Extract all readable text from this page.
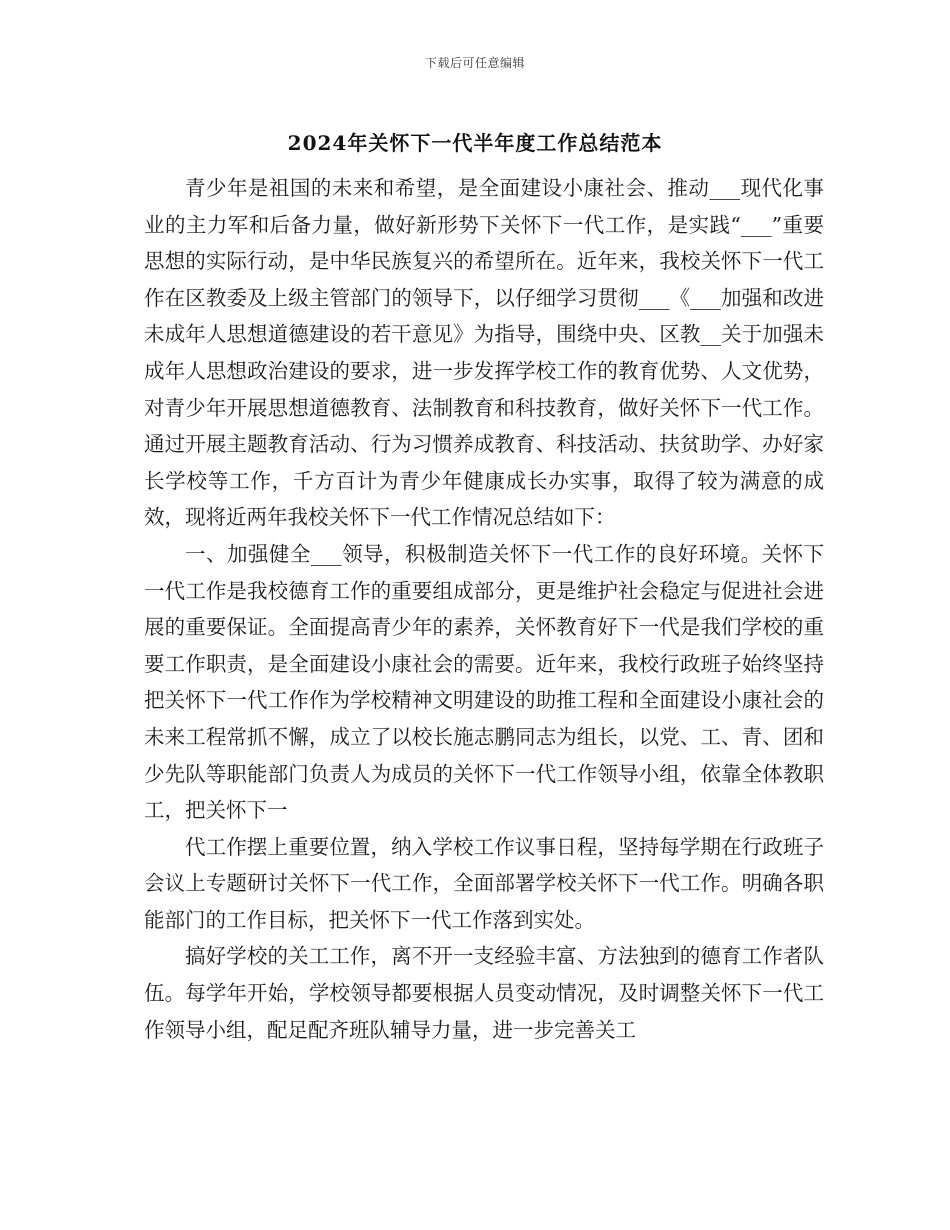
下载后可任意编辑
2024年关怀下一代半年度工作总结范本

青少年是祖国的未来和希望，是全面建设小康社会、推动___现代化事业的主力军和后备力量，做好新形势下关怀下一代工作，是实践“___”重要思想的实际行动，是中华民族复兴的希望所在。近年来，我校关怀下一代工作在区教委及上级主管部门的领导下，以仔细学习贯彻___《___加强和改进未成年人思想道德建设的若干意见》为指导，围绕中央、区教__关于加强未成年人思想政治建设的要求，进一步发挥学校工作的教育优势、人文优势，对青少年开展思想道德教育、法制教育和科技教育，做好关怀下一代工作。通过开展主题教育活动、行为习惯养成教育、科技活动、扶贫助学、办好家长学校等工作，千方百计为青少年健康成长办实事，取得了较为满意的成效，现将近两年我校关怀下一代工作情况总结如下：

一、加强健全___领导，积极制造关怀下一代工作的良好环境。关怀下一代工作是我校德育工作的重要组成部分，更是维护社会稳定与促进社会进展的重要保证。全面提高青少年的素养，关怀教育好下一代是我们学校的重要工作职责，是全面建设小康社会的需要。近年来，我校行政班子始终坚持把关怀下一代工作作为学校精神文明建设的助推工程和全面建设小康社会的未来工程常抓不懈，成立了以校长施志鹏同志为组长，以党、工、青、团和少先队等职能部门负责人为成员的关怀下一代工作领导小组，依靠全体教职工，把关怀下一

代工作摆上重要位置，纳入学校工作议事日程，坚持每学期在行政班子会议上专题研讨关怀下一代工作，全面部署学校关怀下一代工作。明确各职能部门的工作目标，把关怀下一代工作落到实处。

搞好学校的关工工作，离不开一支经验丰富、方法独到的德育工作者队伍。每学年开始，学校领导都要根据人员变动情况，及时调整关怀下一代工作领导小组，配足配齐班队辅导力量，进一步完善关工
